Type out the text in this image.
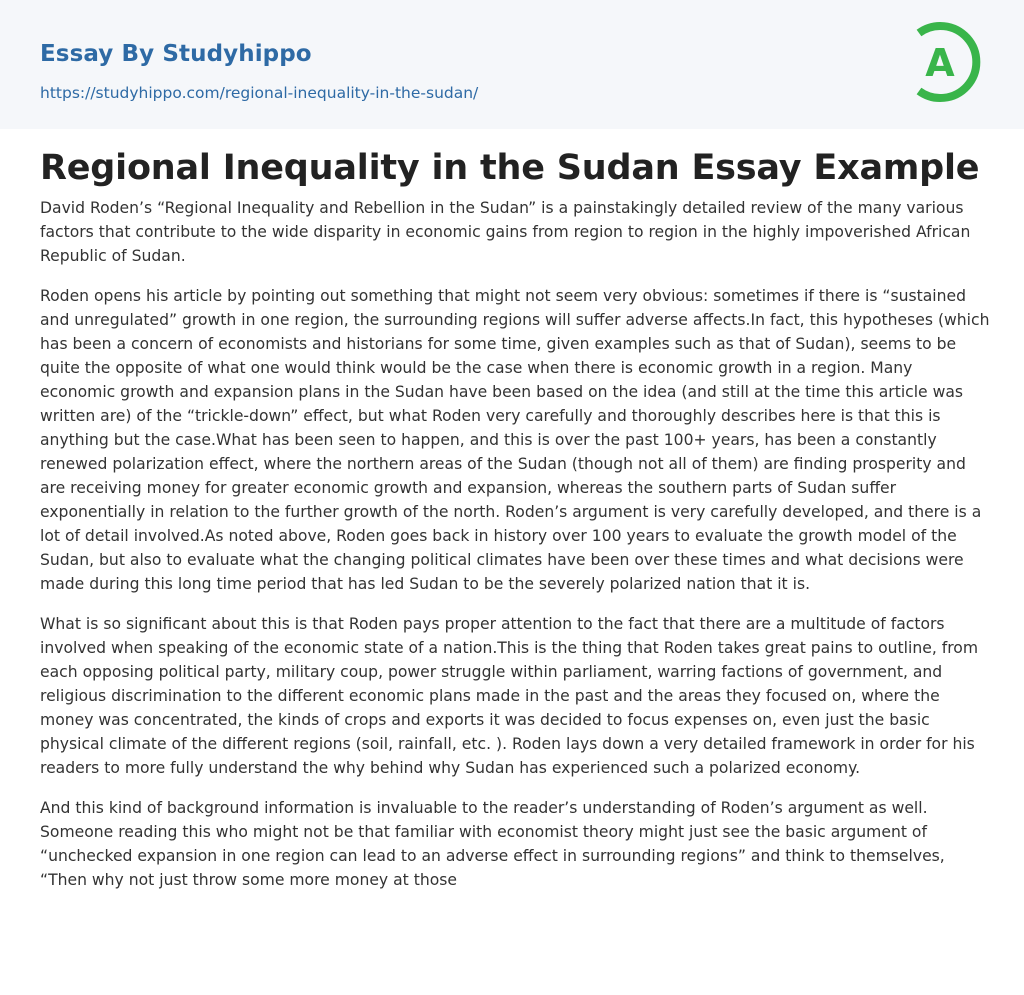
Essay By Studyhippo
https://studyhippo.com/regional-inequality-in-the-sudan/
A
Regional Inequality in the Sudan Essay Example

David Roden’s “Regional Inequality and Rebellion in the Sudan” is a painstakingly detailed review of the many various factors that contribute to the wide disparity in economic gains from region to region in the highly impoverished African Republic of Sudan.

Roden opens his article by pointing out something that might not seem very obvious: sometimes if there is “sustained and unregulated” growth in one region, the surrounding regions will suffer adverse affects.In fact, this hypotheses (which has been a concern of economists and historians for some time, given examples such as that of Sudan), seems to be quite the opposite of what one would think would be the case when there is economic growth in a region. Many economic growth and expansion plans in the Sudan have been based on the idea (and still at the time this article was written are) of the “trickle-down” effect, but what Roden very carefully and thoroughly describes here is that this is anything but the case.What has been seen to happen, and this is over the past 100+ years, has been a constantly renewed polarization effect, where the northern areas of the Sudan (though not all of them) are finding prosperity and are receiving money for greater economic growth and expansion, whereas the southern parts of Sudan suffer exponentially in relation to the further growth of the north. Roden’s argument is very carefully developed, and there is a lot of detail involved.As noted above, Roden goes back in history over 100 years to evaluate the growth model of the Sudan, but also to evaluate what the changing political climates have been over these times and what decisions were made during this long time period that has led Sudan to be the severely polarized nation that it is.

What is so significant about this is that Roden pays proper attention to the fact that there are a multitude of factors involved when speaking of the economic state of a nation.This is the thing that Roden takes great pains to outline, from each opposing political party, military coup, power struggle within parliament, warring factions of government, and religious discrimination to the different economic plans made in the past and the areas they focused on, where the money was concentrated, the kinds of crops and exports it was decided to focus expenses on, even just the basic physical climate of the different regions (soil, rainfall, etc. ). Roden lays down a very detailed framework in order for his readers to more fully understand the why behind why Sudan has experienced such a polarized economy.

And this kind of background information is invaluable to the reader’s understanding of Roden’s argument as well. Someone reading this who might not be that familiar with economist theory might just see the basic argument of “unchecked expansion in one region can lead to an adverse effect in surrounding regions” and think to themselves, “Then why not just throw some more money at those
